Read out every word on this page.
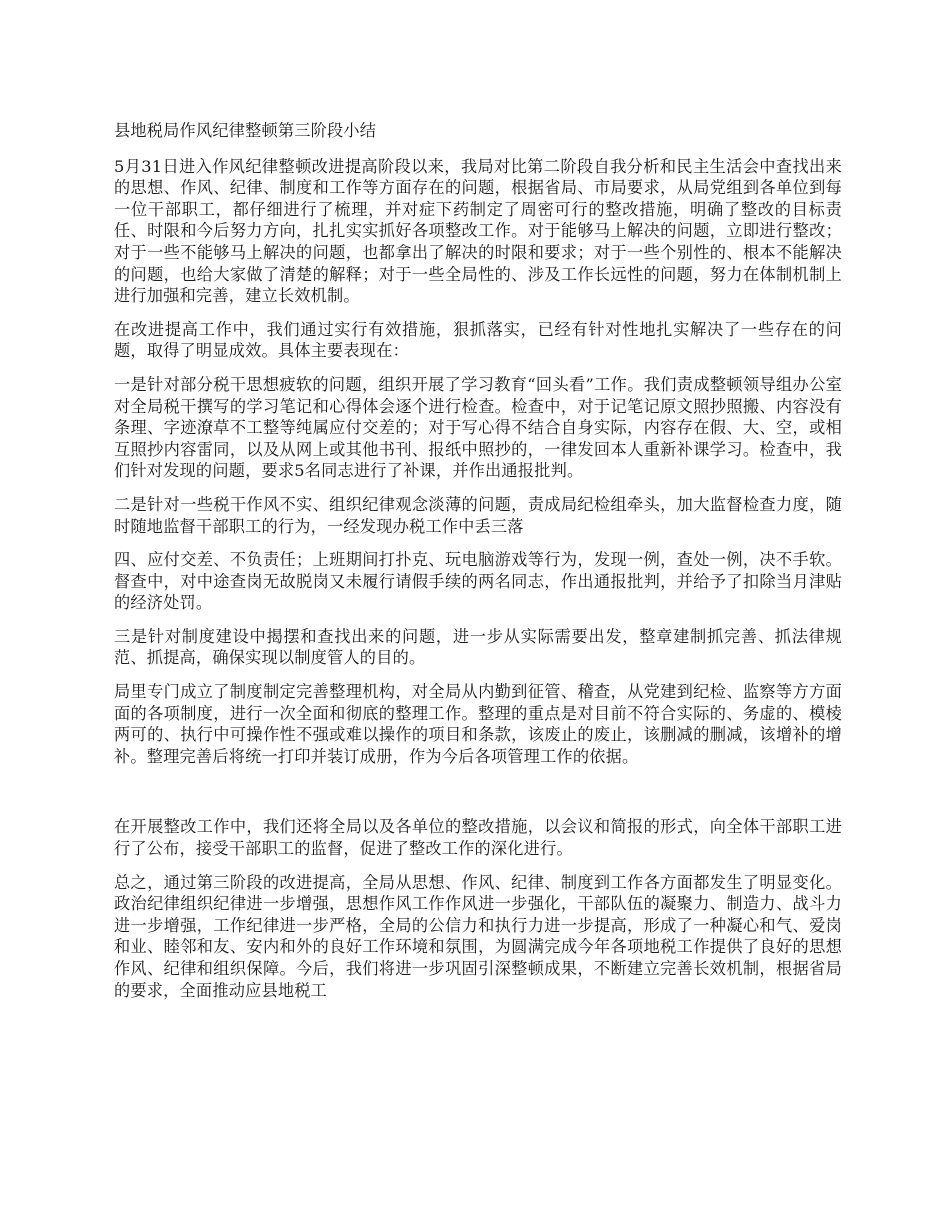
县地税局作风纪律整顿第三阶段小结

5月31日进入作风纪律整顿改进提高阶段以来，我局对比第二阶段自我分析和民主生活会中查找出来的思想、作风、纪律、制度和工作等方面存在的问题，根据省局、市局要求，从局党组到各单位到每一位干部职工，都仔细进行了梳理，并对症下药制定了周密可行的整改措施，明确了整改的目标责任、时限和今后努力方向，扎扎实实抓好各项整改工作。对于能够马上解决的问题，立即进行整改；对于一些不能够马上解决的问题，也都拿出了解决的时限和要求；对于一些个别性的、根本不能解决的问题，也给大家做了清楚的解释；对于一些全局性的、涉及工作长远性的问题，努力在体制机制上进行加强和完善，建立长效机制。

在改进提高工作中，我们通过实行有效措施，狠抓落实，已经有针对性地扎实解决了一些存在的问题，取得了明显成效。具体主要表现在：

一是针对部分税干思想疲软的问题，组织开展了学习教育“回头看”工作。我们责成整顿领导组办公室对全局税干撰写的学习笔记和心得体会逐个进行检查。检查中，对于记笔记原文照抄照搬、内容没有条理、字迹潦草不工整等纯属应付交差的；对于写心得不结合自身实际，内容存在假、大、空，或相互照抄内容雷同，以及从网上或其他书刊、报纸中照抄的，一律发回本人重新补课学习。检查中，我们针对发现的问题，要求5名同志进行了补课，并作出通报批判。

二是针对一些税干作风不实、组织纪律观念淡薄的问题，责成局纪检组牵头，加大监督检查力度，随时随地监督干部职工的行为，一经发现办税工作中丢三落

四、应付交差、不负责任；上班期间打扑克、玩电脑游戏等行为，发现一例，查处一例，决不手软。督查中，对中途查岗无故脱岗又未履行请假手续的两名同志，作出通报批判，并给予了扣除当月津贴的经济处罚。

三是针对制度建设中揭摆和查找出来的问题，进一步从实际需要出发，整章建制抓完善、抓法律规范、抓提高，确保实现以制度管人的目的。

局里专门成立了制度制定完善整理机构，对全局从内勤到征管、稽查，从党建到纪检、监察等方方面面的各项制度，进行一次全面和彻底的整理工作。整理的重点是对目前不符合实际的、务虚的、模棱两可的、执行中可操作性不强或难以操作的项目和条款，该废止的废止，该删减的删减，该增补的增补。整理完善后将统一打印并装订成册，作为今后各项管理工作的依据。

在开展整改工作中，我们还将全局以及各单位的整改措施，以会议和简报的形式，向全体干部职工进行了公布，接受干部职工的监督，促进了整改工作的深化进行。

总之，通过第三阶段的改进提高，全局从思想、作风、纪律、制度到工作各方面都发生了明显变化。政治纪律组织纪律进一步增强，思想作风工作作风进一步强化，干部队伍的凝聚力、制造力、战斗力进一步增强，工作纪律进一步严格，全局的公信力和执行力进一步提高，形成了一种凝心和气、爱岗和业、睦邻和友、安内和外的良好工作环境和氛围，为圆满完成今年各项地税工作提供了良好的思想作风、纪律和组织保障。今后，我们将进一步巩固引深整顿成果，不断建立完善长效机制，根据省局的要求，全面推动应县地税工
